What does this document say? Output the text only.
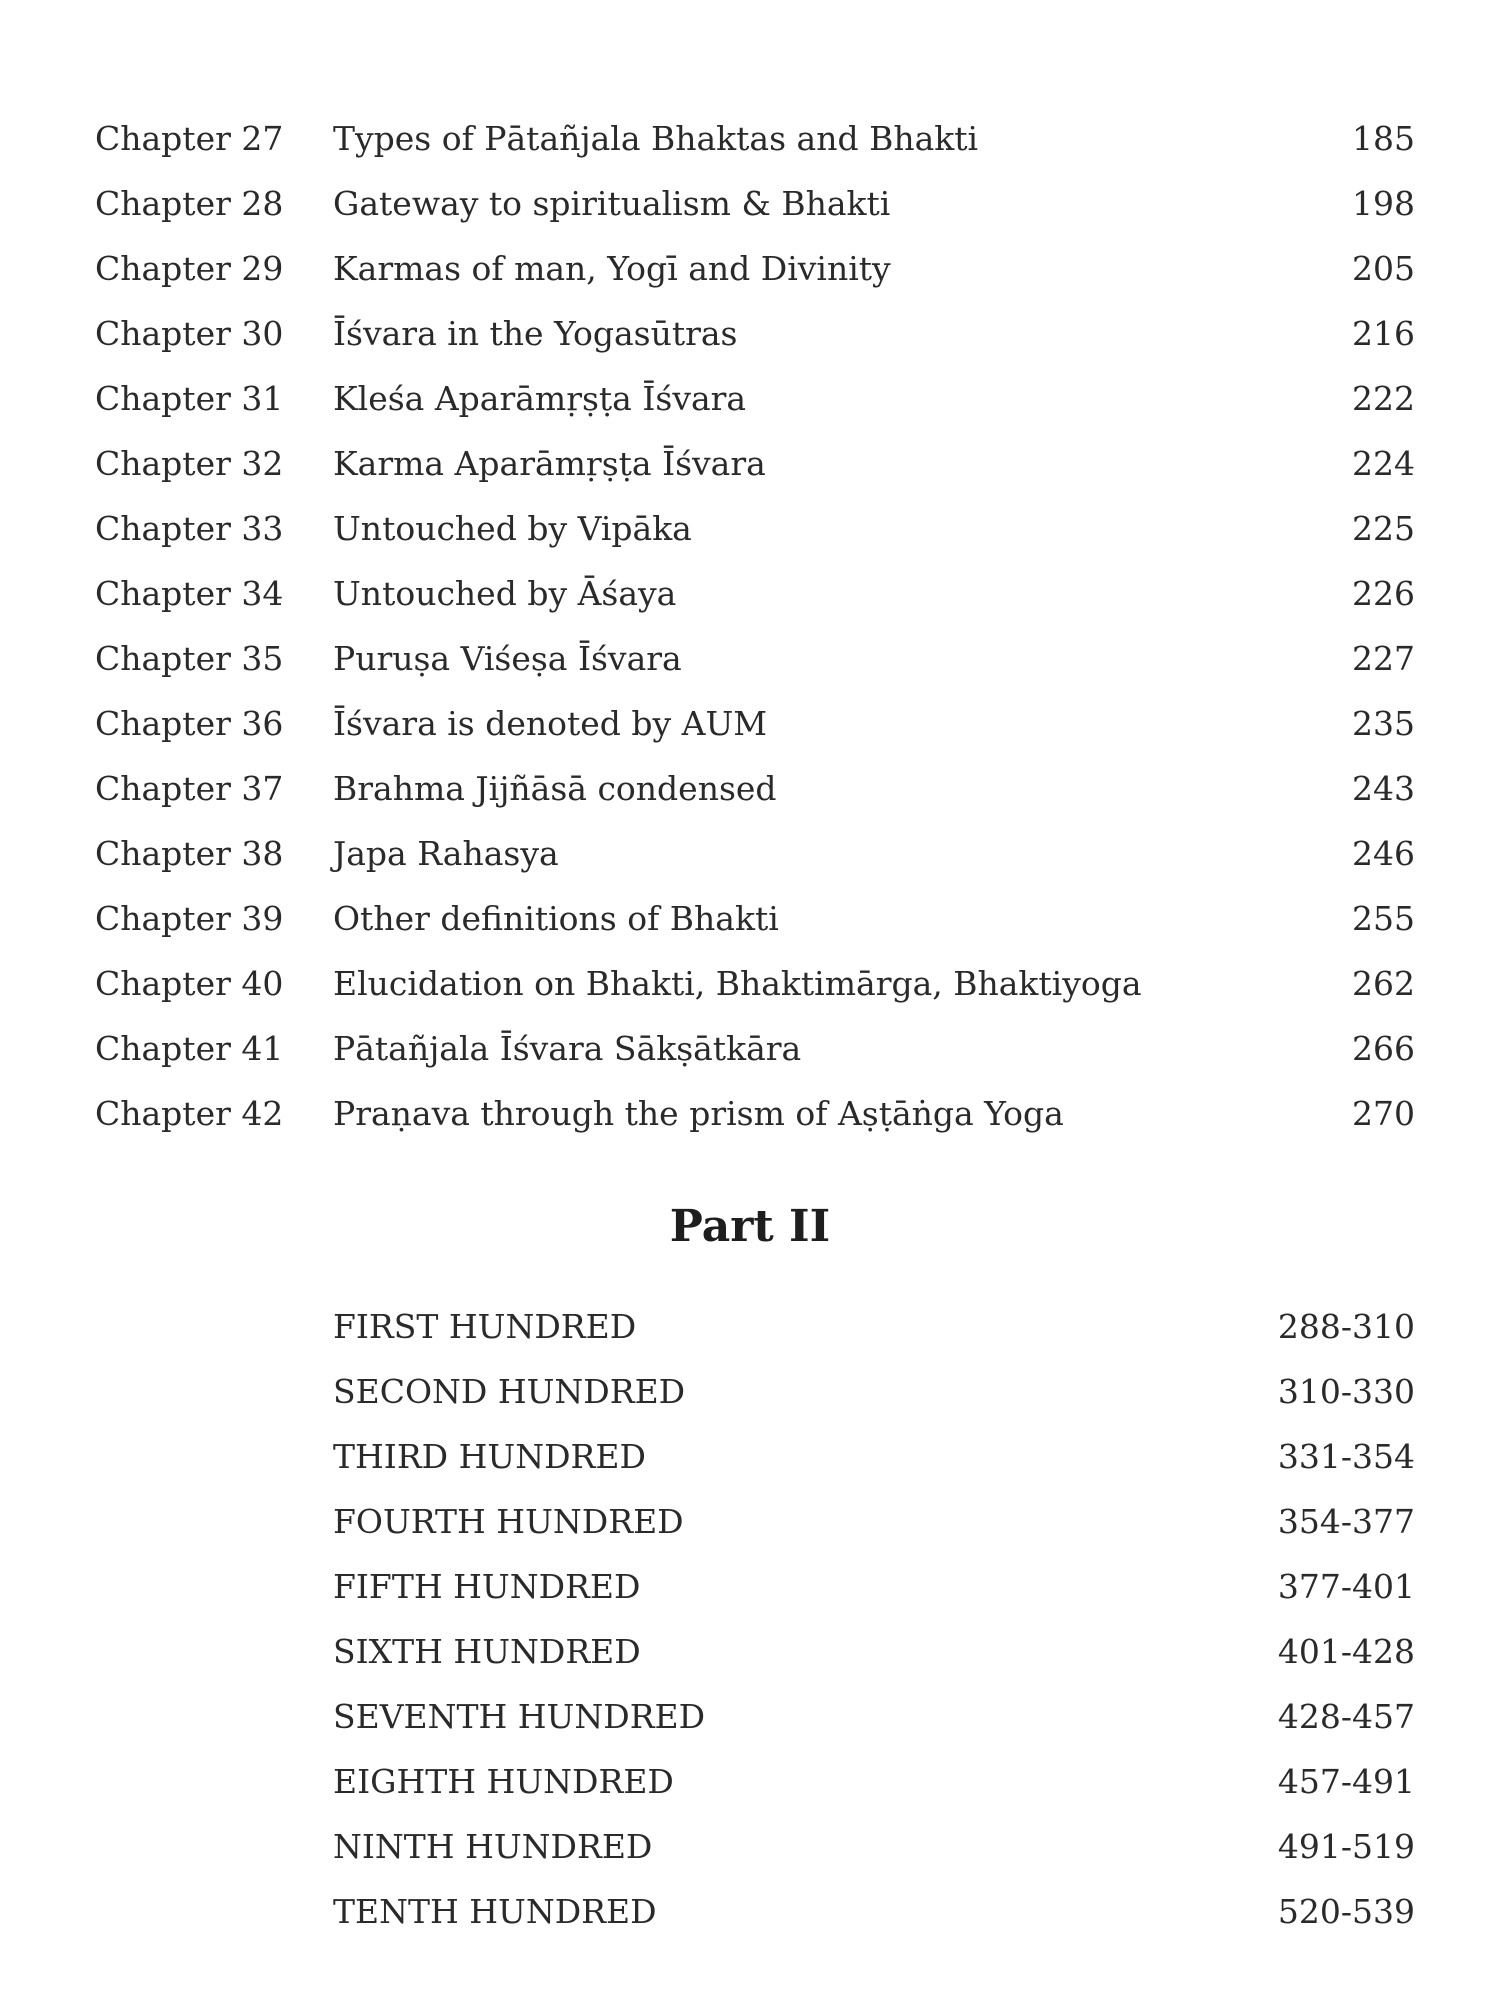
Chapter 27 Types of Pātañjala Bhaktas and Bhakti	185
Chapter 28 Gateway to spiritualism & Bhakti	198
Chapter 29 Karmas of man, Yogī and Divinity	205
Chapter 30 Īśvara in the Yogasūtras	216
Chapter 31 Kleśa Aparāmṛṣṭa Īśvara	222
Chapter 32 Karma Aparāmṛṣṭa Īśvara	224
Chapter 33 Untouched by Vipāka	225
Chapter 34 Untouched by Āśaya	226
Chapter 35 Puruṣa Viśeṣa Īśvara	227
Chapter 36 Īśvara is denoted by AUM	235
Chapter 37 Brahma Jijñāsā condensed	243
Chapter 38 Japa Rahasya	246
Chapter 39 Other definitions of Bhakti	255
Chapter 40 Elucidation on Bhakti, Bhaktimārga, Bhaktiyoga	262
Chapter 41 Pātañjala Īśvara Sākṣātkāra	266
Chapter 42 Praṇava through the prism of Aṣṭāṅga Yoga	270
Part II
FIRST HUNDRED	288-310
SECOND HUNDRED	310-330
THIRD HUNDRED	331-354
FOURTH HUNDRED	354-377
FIFTH HUNDRED	377-401
SIXTH HUNDRED	401-428
SEVENTH HUNDRED	428-457
EIGHTH HUNDRED	457-491
NINTH HUNDRED	491-519
TENTH HUNDRED	520-539
